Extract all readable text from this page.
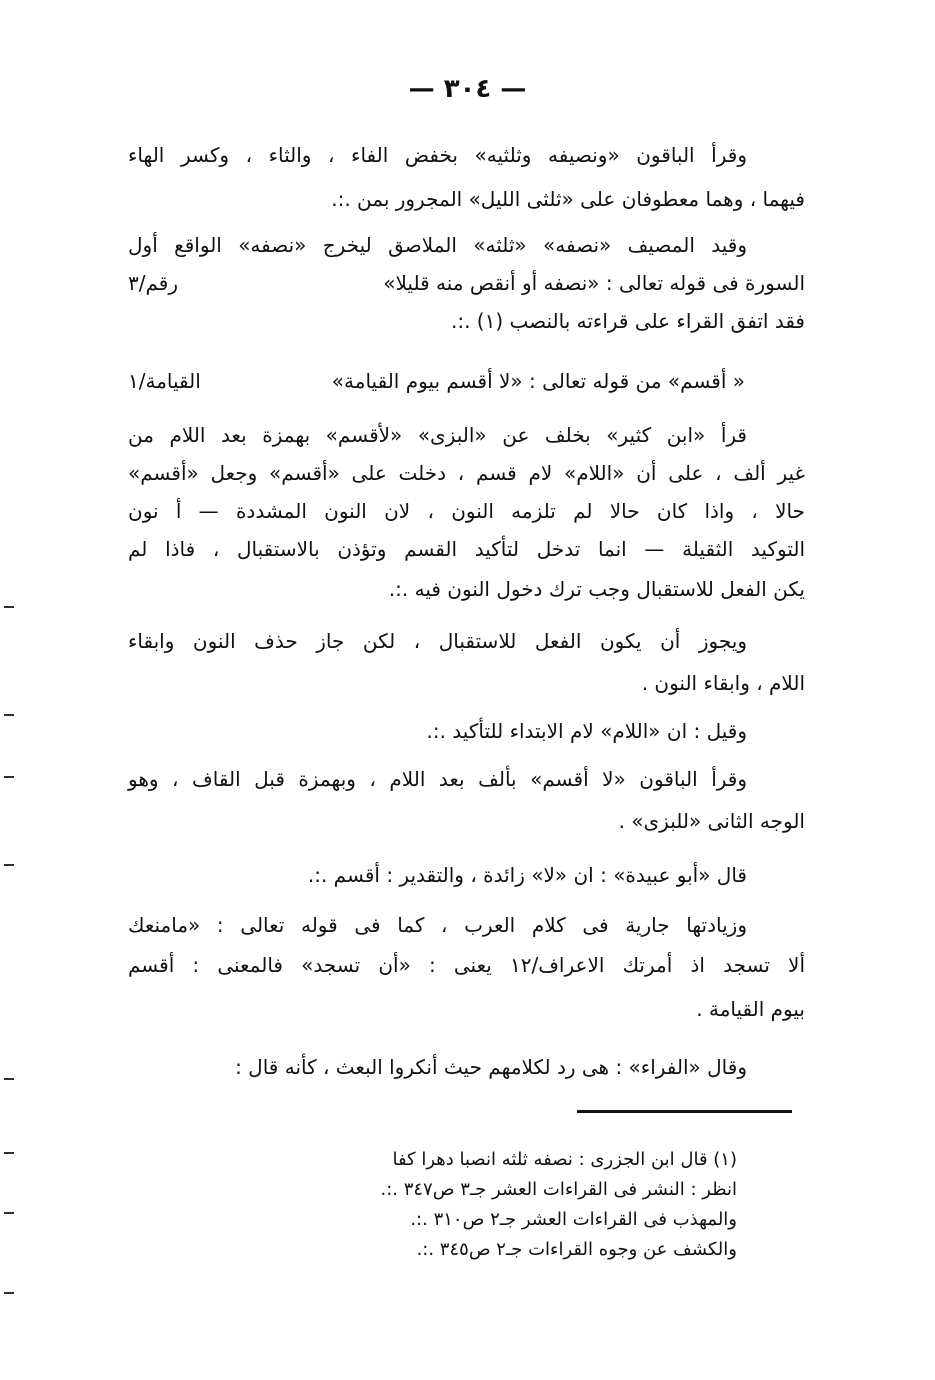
— ٣٠٤ —
وقرأ الباقون «ونصيفه وثلثيه» بخفض الفاء ، والثاء ، وكسر الهاء
فيهما ، وهما معطوفان على «ثلثى الليل» المجرور بمن .:.
وقيد المصيف «نصفه» «ثلثه» الملاصق ليخرج «نصفه» الواقع أول
السورة فى قوله تعالى : «نصفه أو أنقص منه قليلا»
رقم/٣
فقد اتفق القراء على قراءته بالنصب (١) .:.
« أقسم» من قوله تعالى : «لا أقسم بيوم القيامة»
القيامة/١
قرأ «ابن كثير» بخلف عن «البزى» «لأقسم» بهمزة بعد اللام من
غير ألف ، على أن «اللام» لام قسم ، دخلت على «أقسم» وجعل «أقسم»
حالا ، واذا كان حالا لم تلزمه النون ، لان النون المشددة — أ نون
التوكيد الثقيلة — انما تدخل لتأكيد القسم وتؤذن بالاستقبال ، فاذا لم
يكن الفعل للاستقبال وجب ترك دخول النون فيه .:.
ويجوز أن يكون الفعل للاستقبال ، لكن جاز حذف النون وابقاء
اللام ، وابقاء النون .
وقيل : ان «اللام» لام الابتداء للتأكيد .:.
وقرأ الباقون «لا أقسم» بألف بعد اللام ، وبهمزة قبل القاف ، وهو
الوجه الثانى «للبزى» .
قال «أبو عبيدة» : ان «لا» زائدة ، والتقدير : أقسم .:.
وزيادتها جارية فى كلام العرب ، كما فى قوله تعالى : «مامنعك
ألا تسجد اذ أمرتك الاعراف/١٢ يعنى : «أن تسجد» فالمعنى : أقسم
بيوم القيامة .
وقال «الفراء» : هى رد لكلامهم حيث أنكروا البعث ، كأنه قال :
(١) قال ابن الجزرى : نصفه ثلثه انصبا دهرا كفا
انظر : النشر فى القراءات العشر جـ٣ ص٣٤٧ .:.
والمهذب فى القراءات العشر جـ٢ ص٣١٠ .:.
والكشف عن وجوه القراءات جـ٢ ص٣٤٥ .:.
